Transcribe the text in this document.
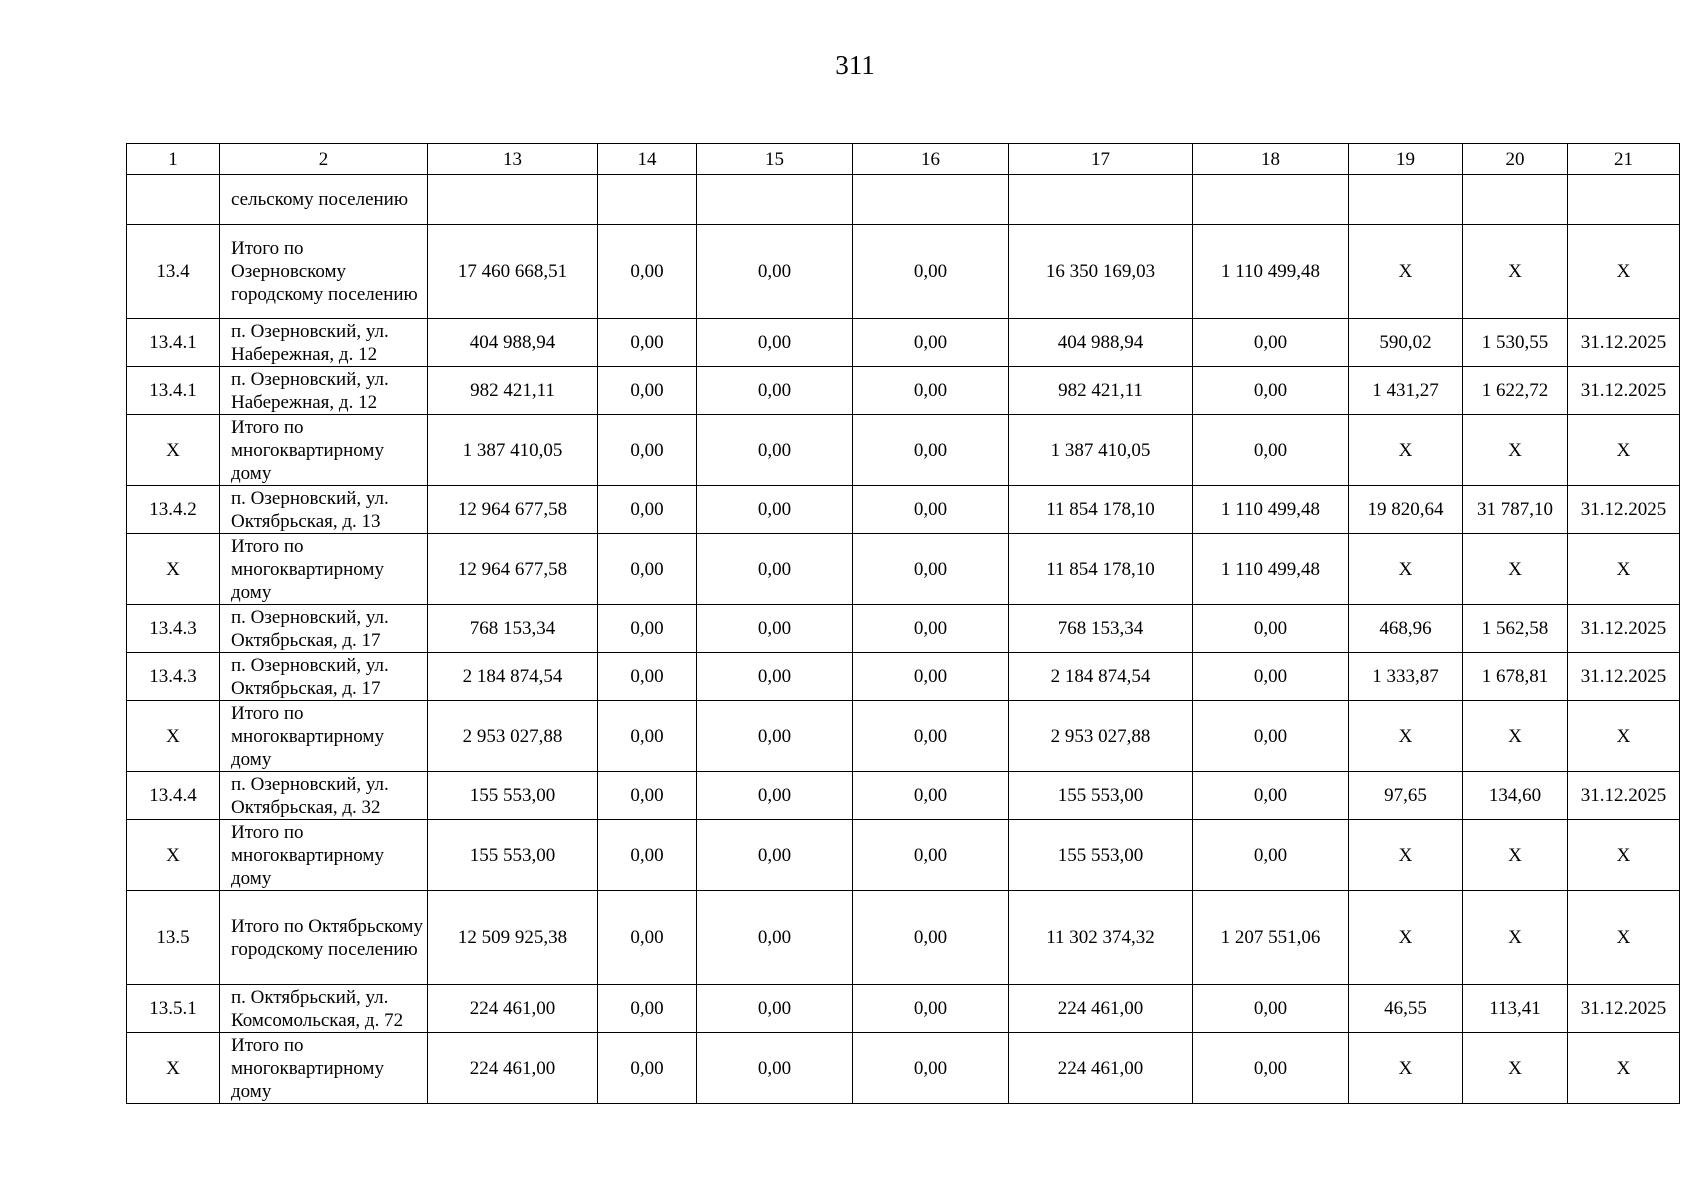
311
1	2	13	14	15	16	17	18	19	20	21
	сельскому поселению									
13.4	Итого по Озерновскому городскому поселению	17 460 668,51	0,00	0,00	0,00	16 350 169,03	1 110 499,48	Х	Х	Х
13.4.1	п. Озерновский, ул. Набережная, д. 12	404 988,94	0,00	0,00	0,00	404 988,94	0,00	590,02	1 530,55	31.12.2025
13.4.1	п. Озерновский, ул. Набережная, д. 12	982 421,11	0,00	0,00	0,00	982 421,11	0,00	1 431,27	1 622,72	31.12.2025
Х	Итого по многоквартирному дому	1 387 410,05	0,00	0,00	0,00	1 387 410,05	0,00	Х	Х	Х
13.4.2	п. Озерновский, ул. Октябрьская, д. 13	12 964 677,58	0,00	0,00	0,00	11 854 178,10	1 110 499,48	19 820,64	31 787,10	31.12.2025
Х	Итого по многоквартирному дому	12 964 677,58	0,00	0,00	0,00	11 854 178,10	1 110 499,48	Х	Х	Х
13.4.3	п. Озерновский, ул. Октябрьская, д. 17	768 153,34	0,00	0,00	0,00	768 153,34	0,00	468,96	1 562,58	31.12.2025
13.4.3	п. Озерновский, ул. Октябрьская, д. 17	2 184 874,54	0,00	0,00	0,00	2 184 874,54	0,00	1 333,87	1 678,81	31.12.2025
Х	Итого по многоквартирному дому	2 953 027,88	0,00	0,00	0,00	2 953 027,88	0,00	Х	Х	Х
13.4.4	п. Озерновский, ул. Октябрьская, д. 32	155 553,00	0,00	0,00	0,00	155 553,00	0,00	97,65	134,60	31.12.2025
Х	Итого по многоквартирному дому	155 553,00	0,00	0,00	0,00	155 553,00	0,00	Х	Х	Х
13.5	Итого по Октябрьскому городскому поселению	12 509 925,38	0,00	0,00	0,00	11 302 374,32	1 207 551,06	Х	Х	Х
13.5.1	п. Октябрьский, ул. Комсомольская, д. 72	224 461,00	0,00	0,00	0,00	224 461,00	0,00	46,55	113,41	31.12.2025
Х	Итого по многоквартирному дому	224 461,00	0,00	0,00	0,00	224 461,00	0,00	Х	Х	Х
